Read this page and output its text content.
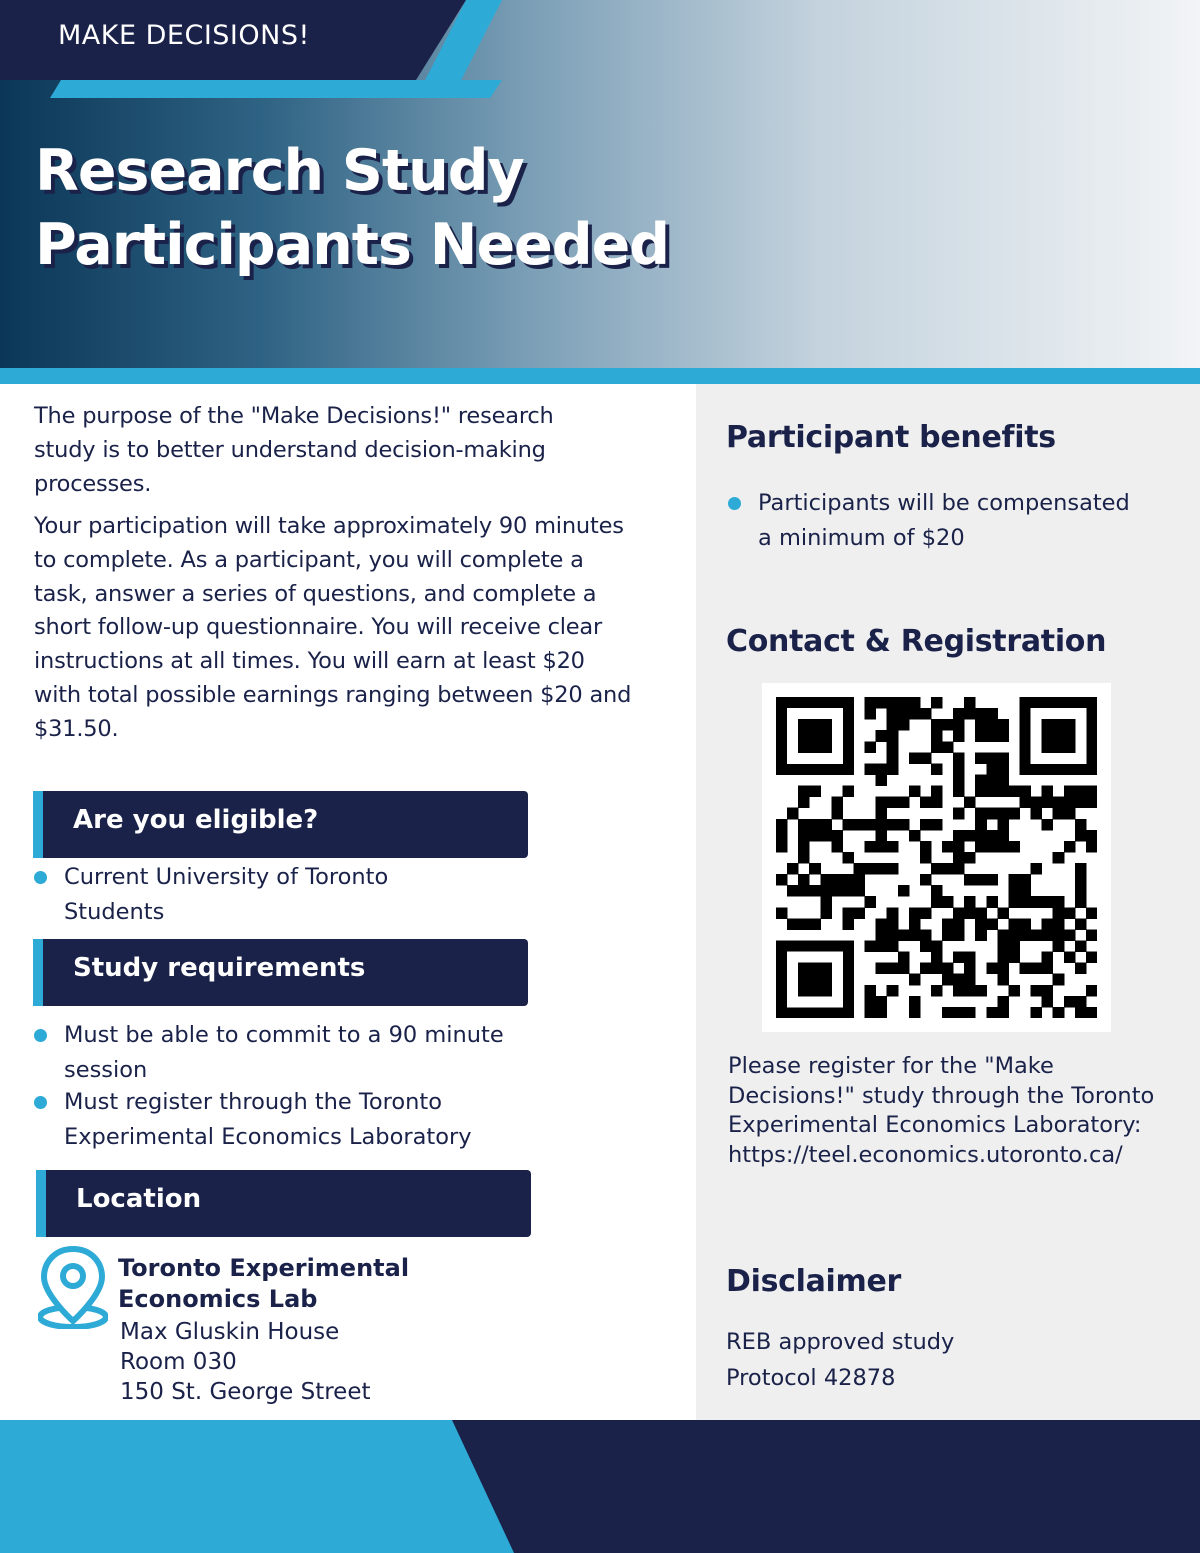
MAKE DECISIONS!
Research Study
Participants Needed

The purpose of the "Make Decisions!" research study is to better understand decision-making processes.

Your participation will take approximately 90 minutes to complete. As a participant, you will complete a task, answer a series of questions, and complete a short follow-up questionnaire. You will receive clear instructions at all times. You will earn at least $20 with total possible earnings ranging between $20 and $31.50.

Are you eligible?
Current University of Toronto Students
Study requirements
Must be able to commit to a 90 minute session
Must register through the Toronto Experimental Economics Laboratory
Location
Toronto Experimental
Economics Lab
Max Gluskin House
Room 030
150 St. George Street
Participant benefits
Participants will be compensated a minimum of $20
Contact & Registration

Please register for the "Make Decisions!" study through the Toronto Experimental Economics Laboratory: https://teel.economics.utoronto.ca/

Disclaimer
REB approved study
Protocol 42878
